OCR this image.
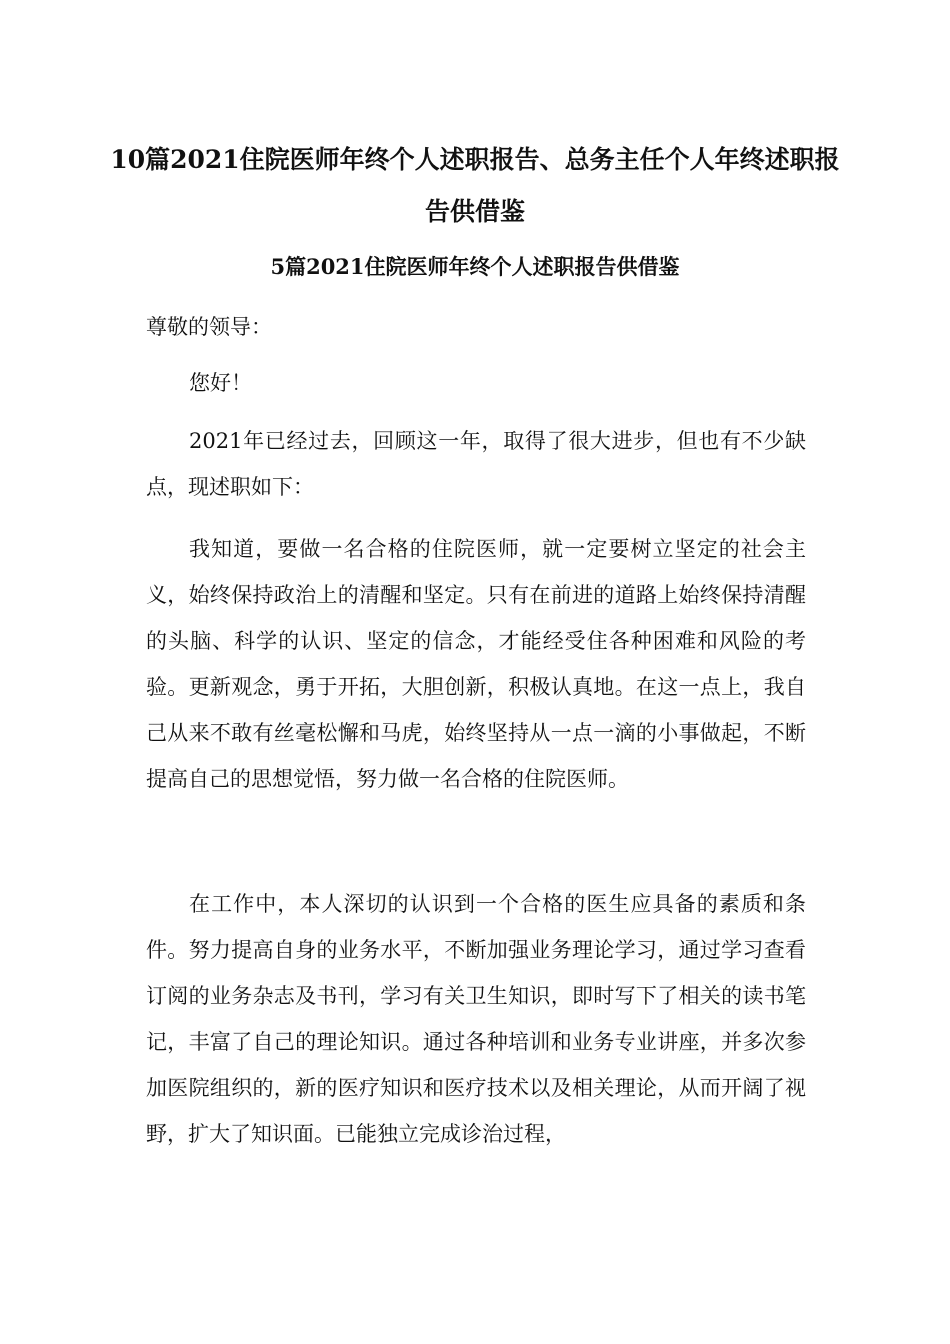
10篇2021住院医师年终个人述职报告、总务主任个人年终述职报告供借鉴
5篇2021住院医师年终个人述职报告供借鉴

尊敬的领导：

您好！

2021年已经过去，回顾这一年，取得了很大进步，但也有不少缺点，现述职如下：

我知道，要做一名合格的住院医师，就一定要树立坚定的社会主义，始终保持政治上的清醒和坚定。只有在前进的道路上始终保持清醒的头脑、科学的认识、坚定的信念，才能经受住各种困难和风险的考验。更新观念，勇于开拓，大胆创新，积极认真地。在这一点上，我自己从来不敢有丝毫松懈和马虎，始终坚持从一点一滴的小事做起，不断提高自己的思想觉悟，努力做一名合格的住院医师。

在工作中，本人深切的认识到一个合格的医生应具备的素质和条件。努力提高自身的业务水平，不断加强业务理论学习，通过学习查看订阅的业务杂志及书刊，学习有关卫生知识，即时写下了相关的读书笔记，丰富了自己的理论知识。通过各种培训和业务专业讲座，并多次参加医院组织的，新的医疗知识和医疗技术以及相关理论，从而开阔了视野，扩大了知识面。已能独立完成诊治过程，
